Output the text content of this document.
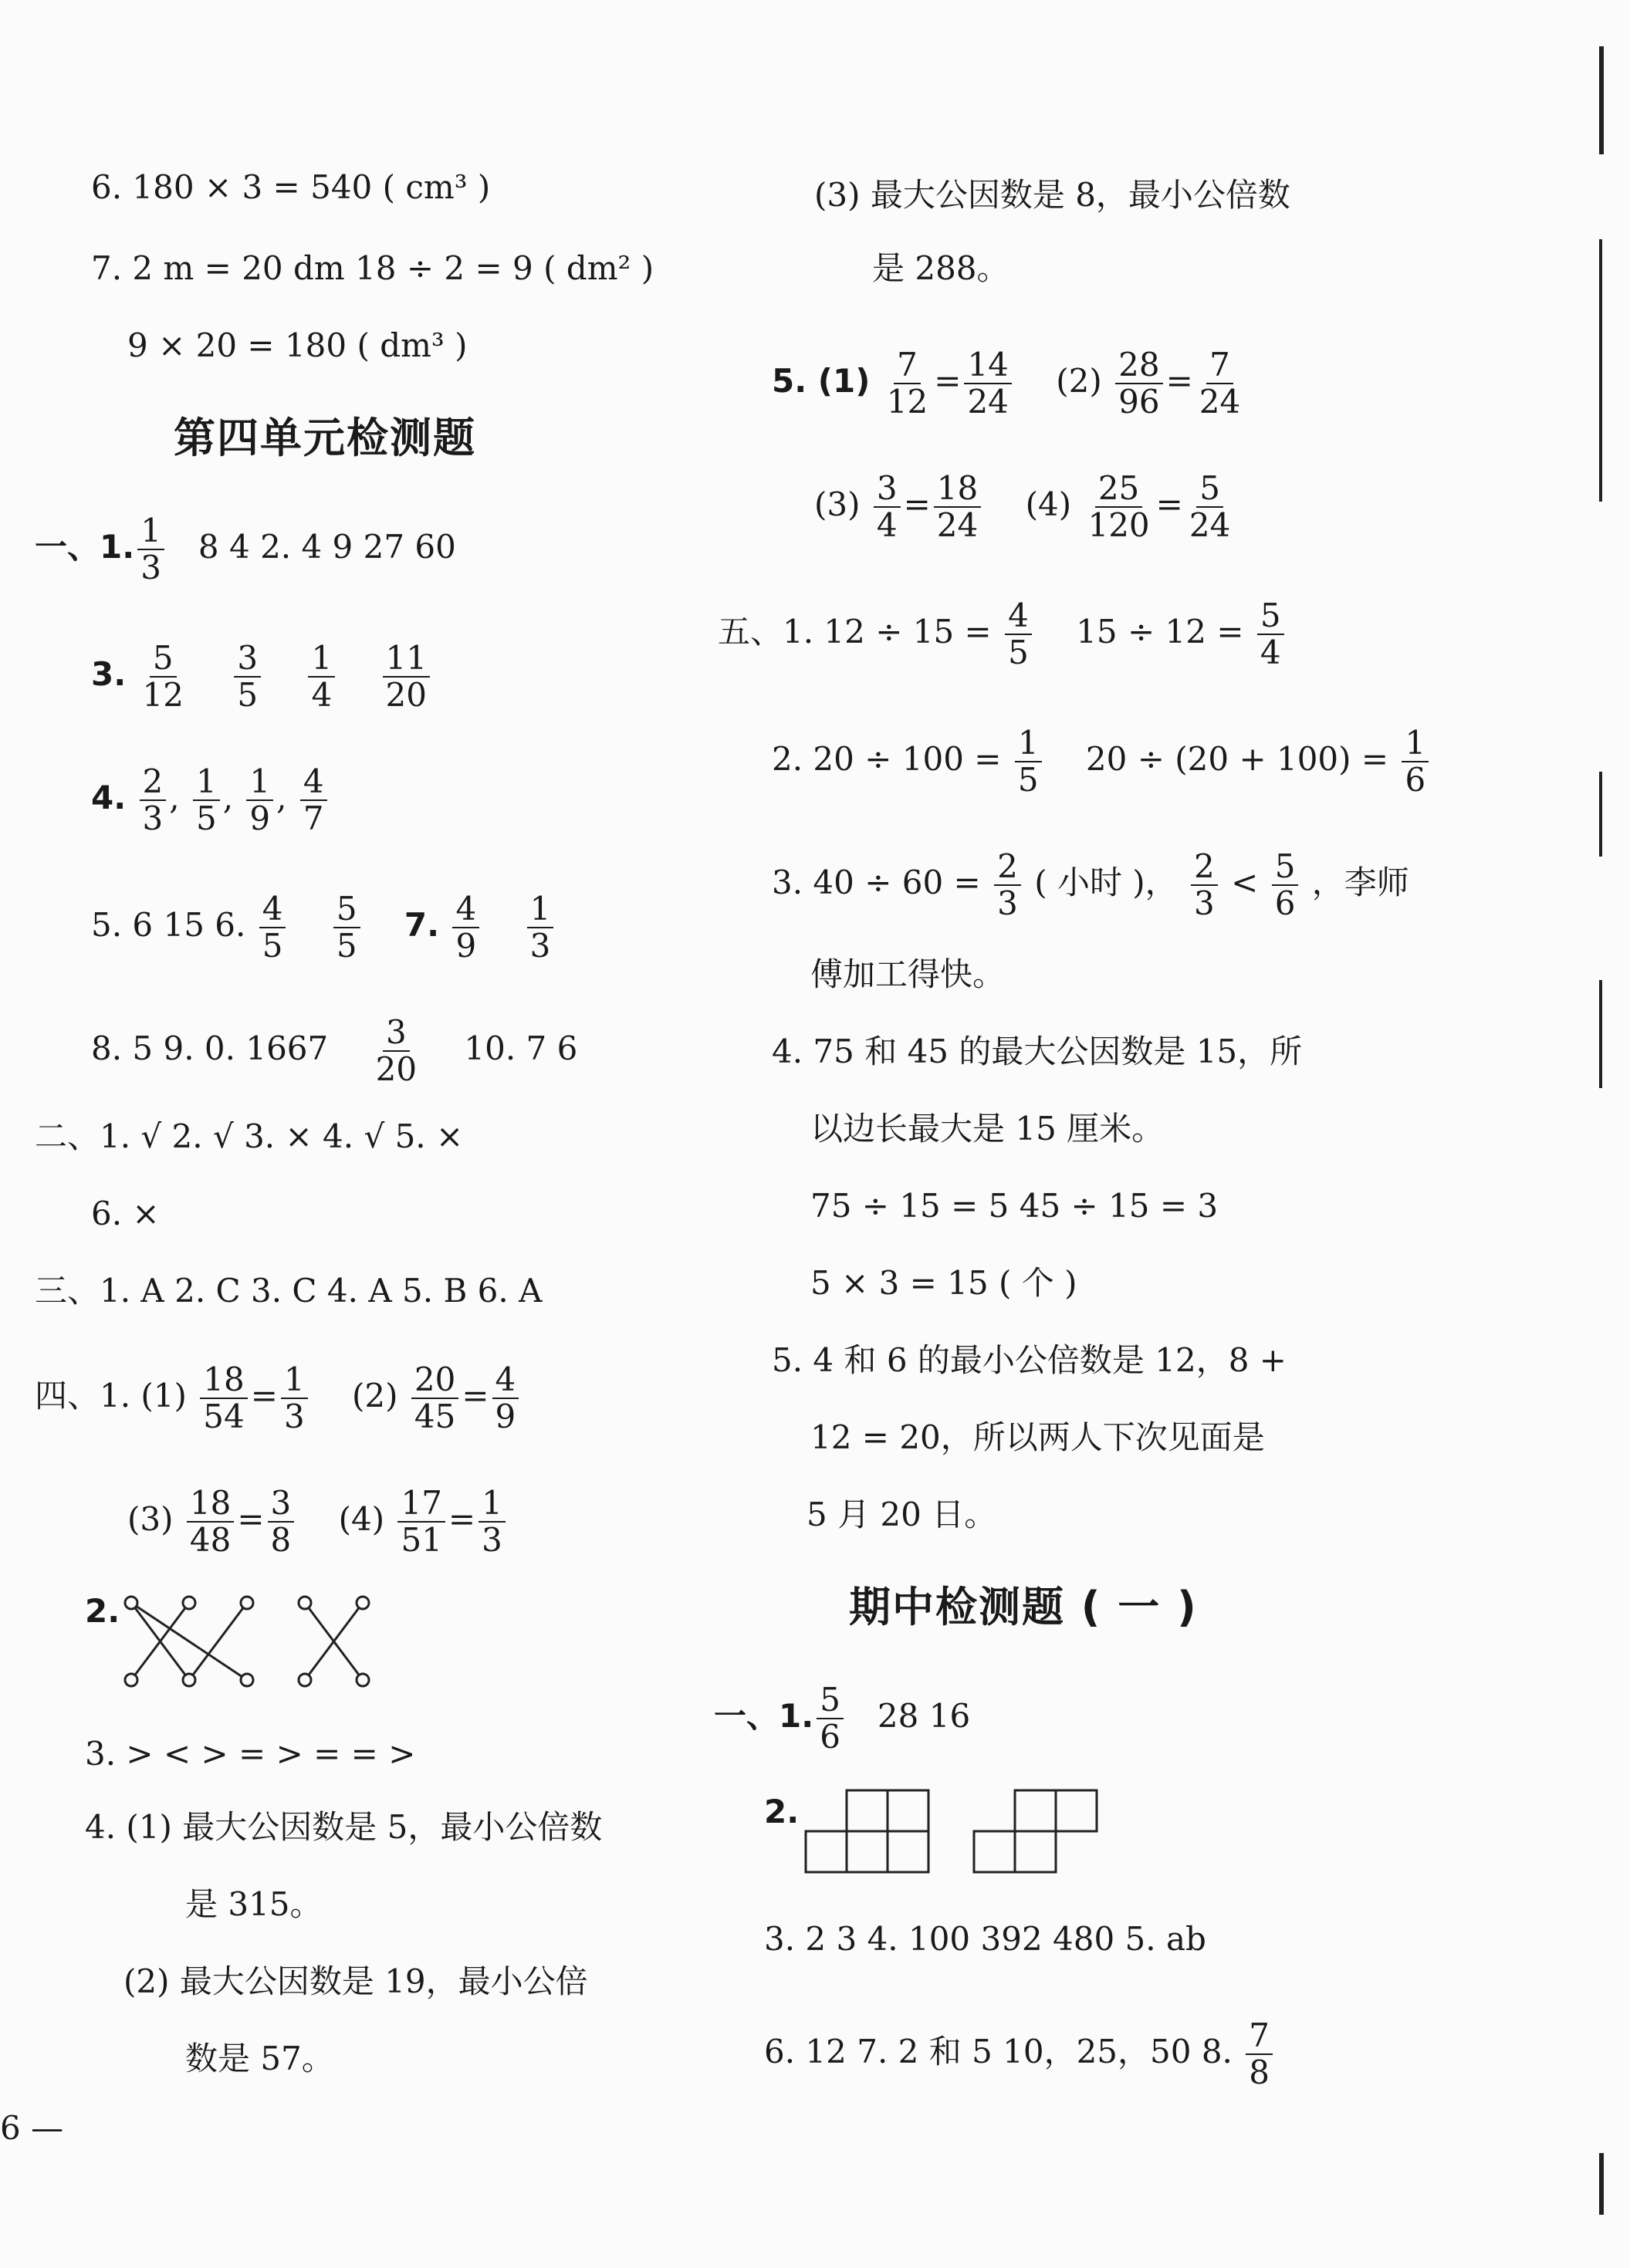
6. 180 × 3 = 540 ( cm³ )
7. 2 m = 20 dm 18 ÷ 2 = 9 ( dm² )
9 × 20 = 180 ( dm³ )
第四单元检测题
一、1. $\frac{1}{3} 8$ 4 2. 4 9 27 60
3. $\frac{5}{12}$
$\frac{3}{5}$
$\frac{1}{4}$
$\frac{11}{20}$
4. $\frac{2}{3}$ , $\frac{1}{5}$ , $\frac{1}{9}$ , $\frac{4}{7}$
5. 6 15 6. $\frac{4}{5}$
$\frac{5}{5} 7$. $\frac{4}{9}$
$\frac{1}{3}$
8. 5 9. 0. $1667 \frac{3}{20} 10$. 7 6
二、1. √ 2. √ 3. × 4. √ 5. ×
6. ×
三、1. A 2. C 3. C 4. A 5. B 6. A
四、1. $(1) \frac{18}{54} = \frac{1}{3} (2) \frac{20}{45} = \frac{4}{9}$
$(3) \frac{18}{48} = \frac{3}{8} (4) \frac{17}{51} = \frac{1}{3}$
2.
3. > < > = > = = >
4. (1) 最大公因数是 5，最小公倍数
是 315。
(2) 最大公因数是 19，最小公倍
数是 57。
6 —
(3) 最大公因数是 8，最小公倍数
是 288。
5. $(1) \frac{7}{12} = \frac{14}{24} (2) \frac{28}{96} = \frac{7}{24}$
$(3) \frac{3}{4} = \frac{18}{24} (4) \frac{25}{120} = \frac{5}{24}$
五、1. $12 \div 15 = \frac{4}{5} 15 \div 12 = \frac{5}{4}$
2. $20 \div 100 = \frac{1}{5} 20 \div (20 + 100) = \frac{1}{6}$
3. $40 \div 60 = \frac{2}{3}$ ( 小时 )， $\frac{2}{3} < \frac{5}{6}$ ，李师
傅加工得快。
4. 75 和 45 的最大公因数是 15，所
以边长最大是 15 厘米。
75 ÷ 15 = 5 45 ÷ 15 = 3
5 × 3 = 15 ( 个 )
5. 4 和 6 的最小公倍数是 12，8 +
12 = 20，所以两人下次见面是
5 月 20 日。
期中检测题 ( 一 )
一、1. $\frac{5}{6} 28$ 16
2.
3. 2 3 4. 100 392 480 5. ab
6. 12 7. 2 和 5 10，25，50 8. $\frac{7}{8}$
